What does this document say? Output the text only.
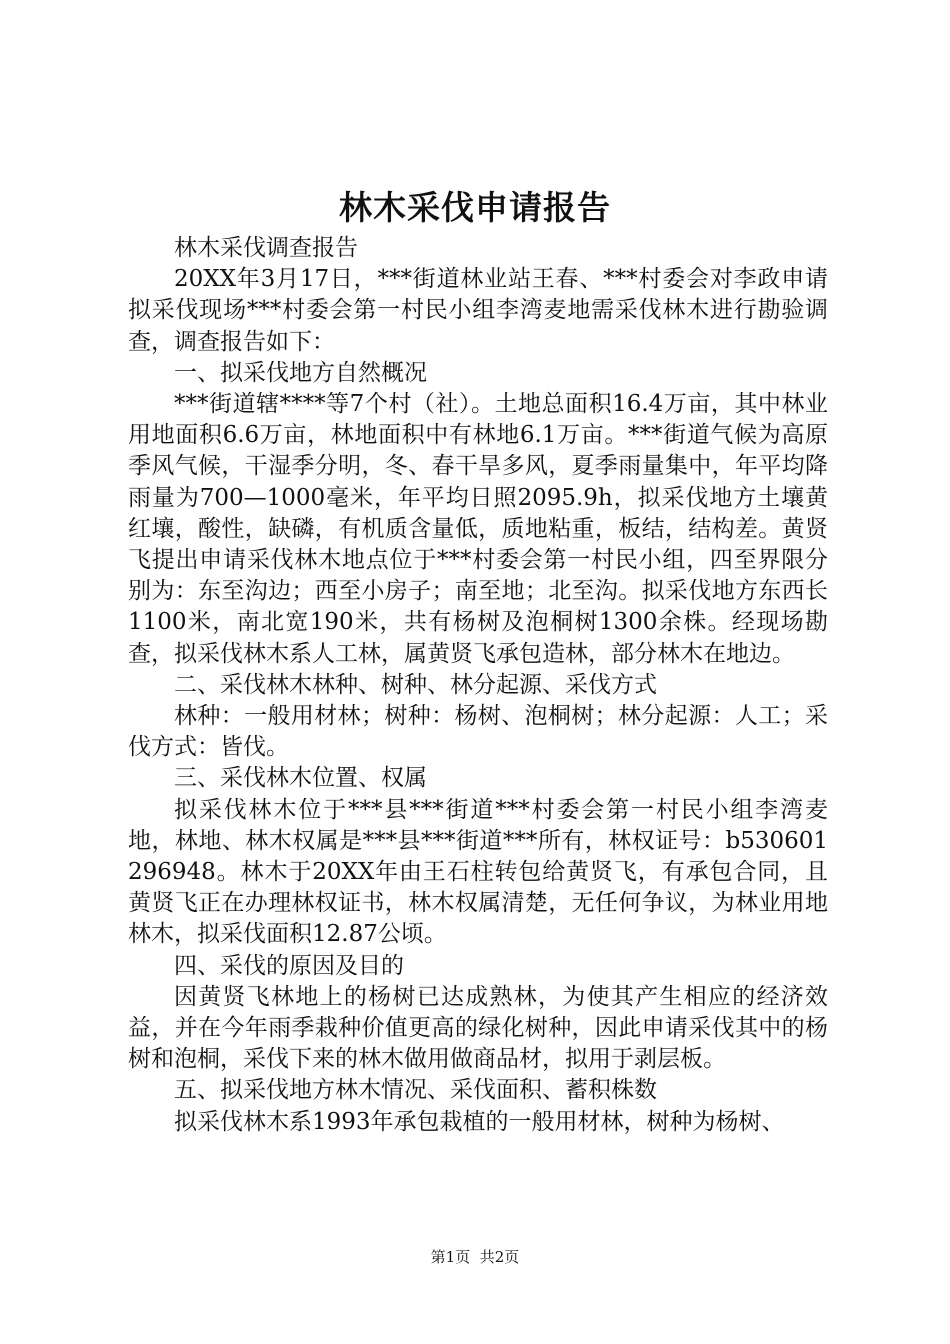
林木采伐申请报告

林木采伐调查报告

20XX年3月17日，***街道林业站王春、***村委会对李政申请拟采伐现场***村委会第一村民小组李湾麦地需采伐林木进行勘验调查，调查报告如下：

一、拟采伐地方自然概况

***街道辖****等7个村（社）。土地总面积16.4万亩，其中林业用地面积6.6万亩，林地面积中有林地6.1万亩。***街道气候为高原季风气候，干湿季分明，冬、春干旱多风，夏季雨量集中，年平均降雨量为700—1000毫米，年平均日照2095.9h，拟采伐地方土壤黄红壤，酸性，缺磷，有机质含量低，质地粘重，板结，结构差。黄贤飞提出申请采伐林木地点位于***村委会第一村民小组，四至界限分别为：东至沟边；西至小房子；南至地；北至沟。拟采伐地方东西长1100米，南北宽190米，共有杨树及泡桐树1300余株。经现场勘查，拟采伐林木系人工林，属黄贤飞承包造林，部分林木在地边。

二、采伐林木林种、树种、林分起源、采伐方式

林种：一般用材林；树种：杨树、泡桐树；林分起源：人工；采伐方式：皆伐。

三、采伐林木位置、权属

拟采伐林木位于***县***街道***村委会第一村民小组李湾麦地，林地、林木权属是***县***街道***所有，林权证号：b530601296948。林木于20XX年由王石柱转包给黄贤飞，有承包合同，且黄贤飞正在办理林权证书，林木权属清楚，无任何争议，为林业用地林木，拟采伐面积12.87公顷。

四、采伐的原因及目的

因黄贤飞林地上的杨树已达成熟林，为使其产生相应的经济效益，并在今年雨季栽种价值更高的绿化树种，因此申请采伐其中的杨树和泡桐，采伐下来的林木做用做商品材，拟用于剥层板。

五、拟采伐地方林木情况、采伐面积、蓄积株数

拟采伐林木系1993年承包栽植的一般用材林，树种为杨树、

第1页 共2页
